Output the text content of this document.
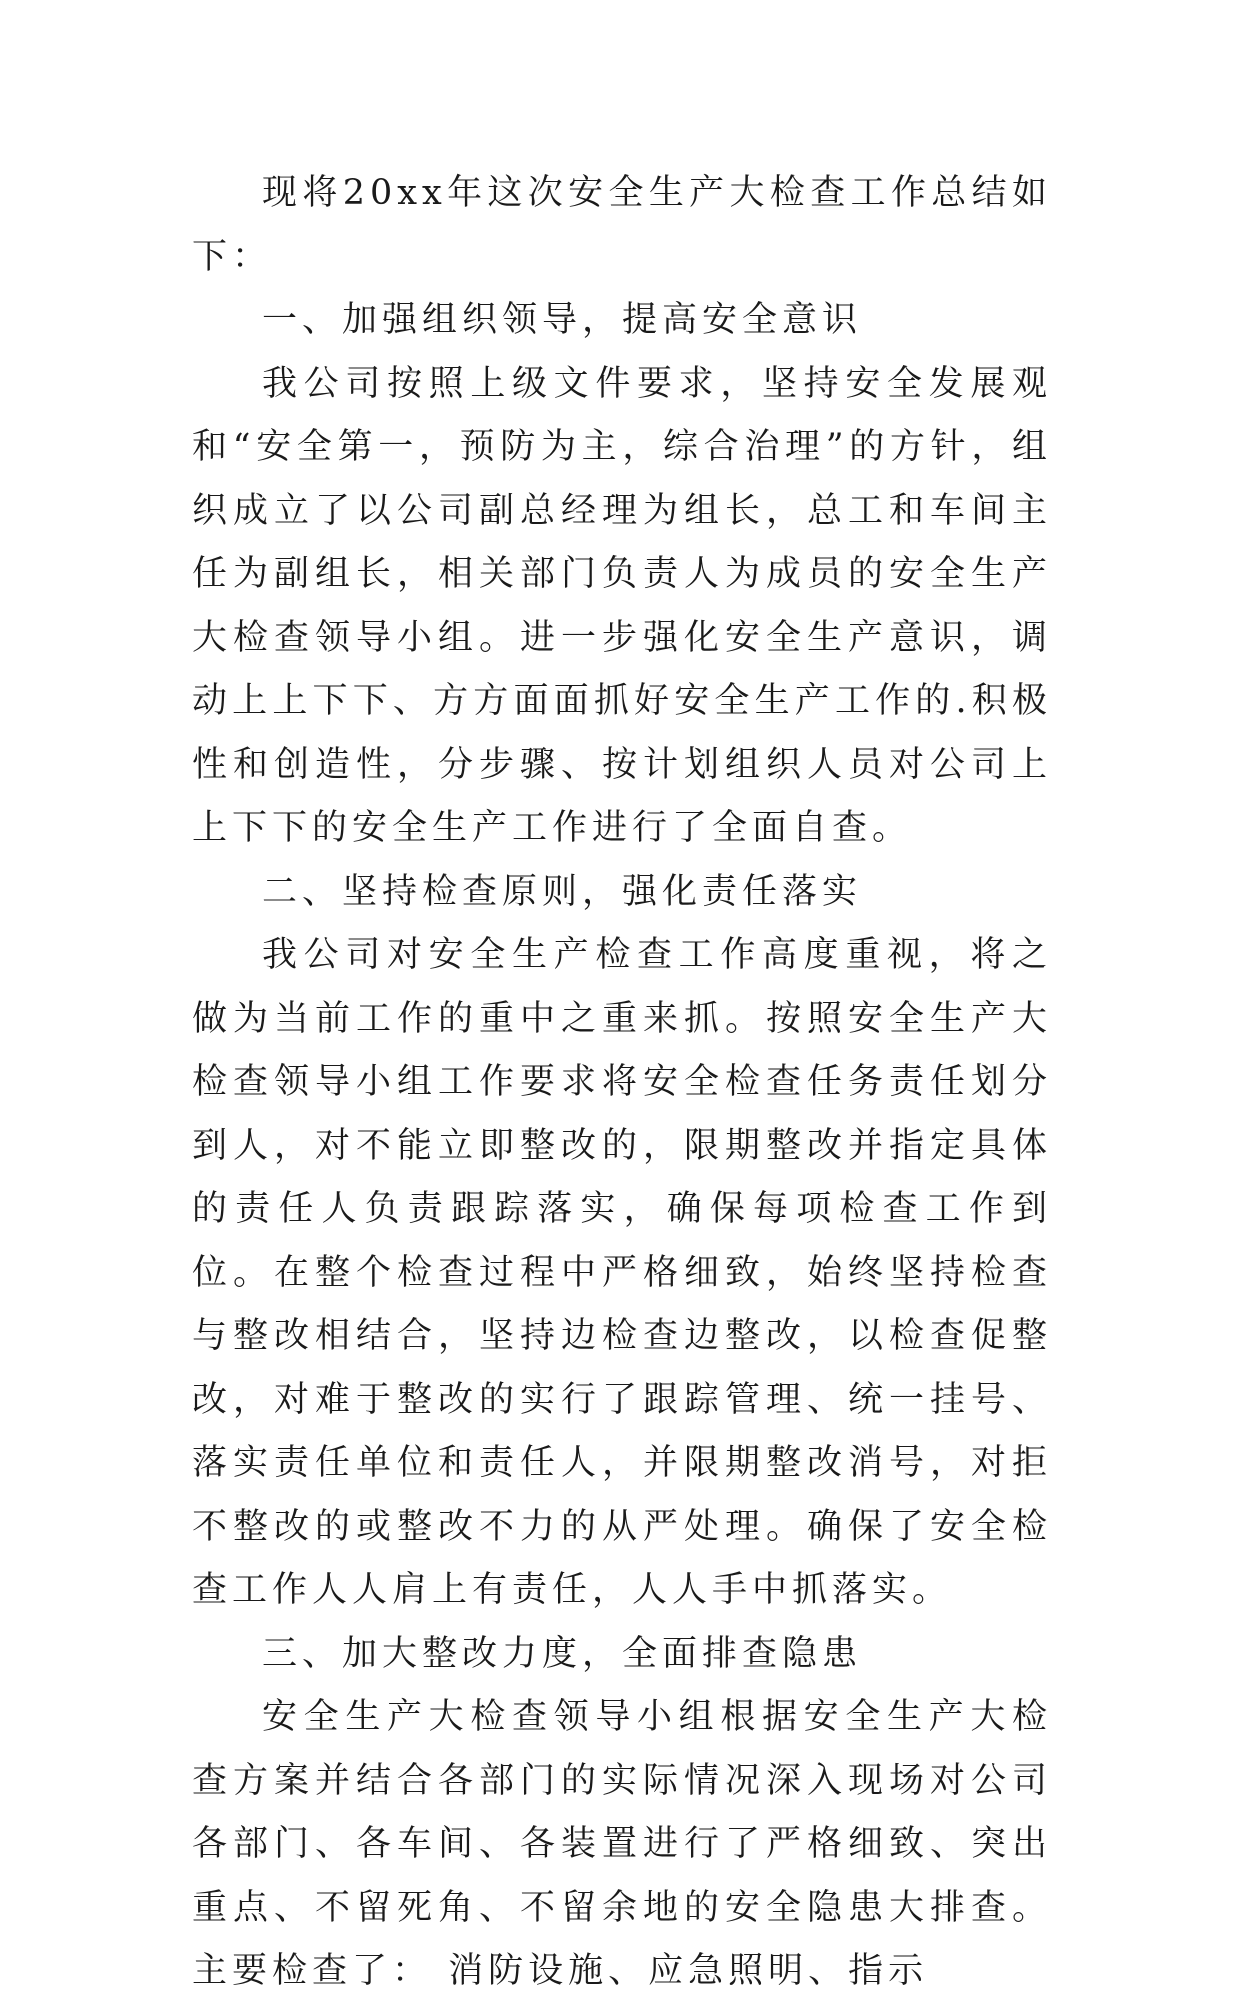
现将20xx年这次安全生产大检查工作总结如下：

一、加强组织领导，提高安全意识

我公司按照上级文件要求，坚持安全发展观和“安全第一，预防为主，综合治理”的方针，组织成立了以公司副总经理为组长，总工和车间主任为副组长，相关部门负责人为成员的安全生产大检查领导小组。进一步强化安全生产意识，调动上上下下、方方面面抓好安全生产工作的.积极性和创造性，分步骤、按计划组织人员对公司上上下下的安全生产工作进行了全面自查。

二、坚持检查原则，强化责任落实

我公司对安全生产检查工作高度重视，将之做为当前工作的重中之重来抓。按照安全生产大检查领导小组工作要求将安全检查任务责任划分到人，对不能立即整改的，限期整改并指定具体的责任人负责跟踪落实，确保每项检查工作到位。在整个检查过程中严格细致，始终坚持检查与整改相结合，坚持边检查边整改，以检查促整改，对难于整改的实行了跟踪管理、统一挂号、落实责任单位和责任人，并限期整改消号，对拒不整改的或整改不力的从严处理。确保了安全检查工作人人肩上有责任，人人手中抓落实。

三、加大整改力度，全面排查隐患

安全生产大检查领导小组根据安全生产大检查方案并结合各部门的实际情况深入现场对公司各部门、各车间、各装置进行了严格细致、突出重点、不留死角、不留余地的安全隐患大排查。主要检查了： 消防设施、应急照明、指示
